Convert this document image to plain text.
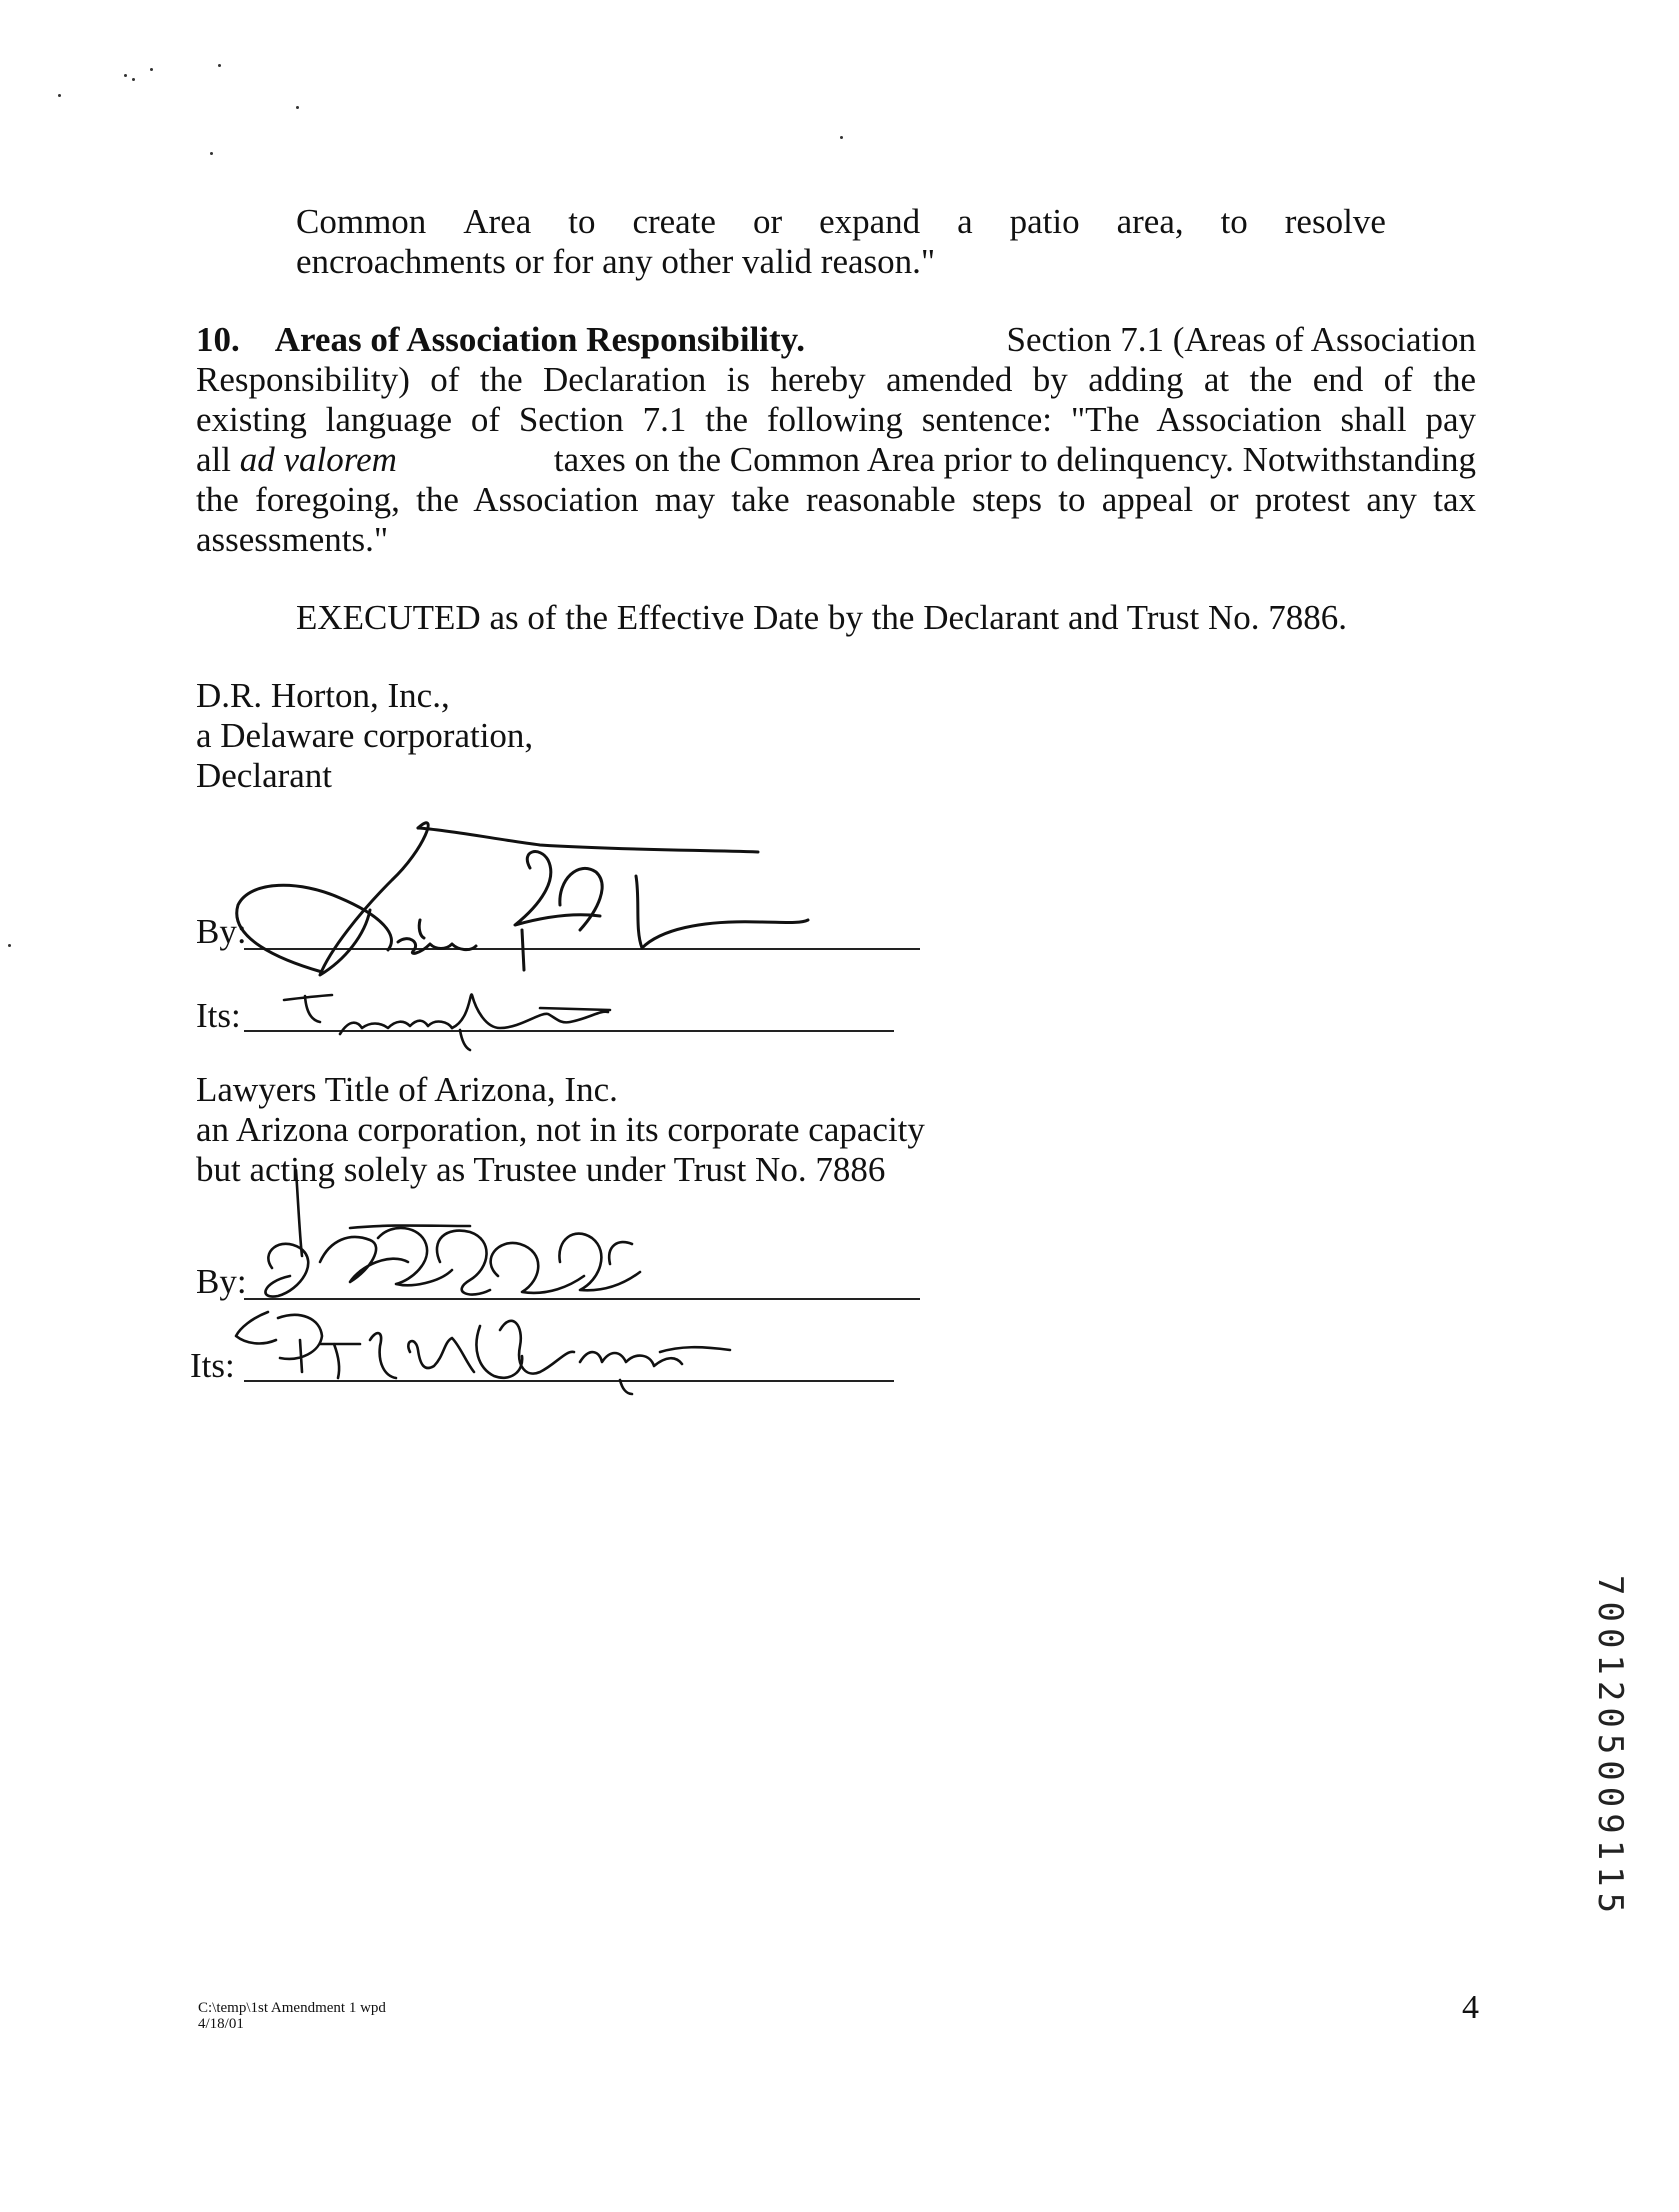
Common Area to create or expand a patio area, to resolve
encroachments or for any other valid reason."
10. Areas of Association Responsibility.	Section 7.1 (Areas of Association
Responsibility) of the Declaration is hereby amended by adding at the end of the
existing language of Section 7.1 the following sentence: "The Association shall pay
all ad valorem	taxes on the Common Area prior to delinquency. Notwithstanding
the foregoing, the Association may take reasonable steps to appeal or protest any tax
assessments."
EXECUTED as of the Effective Date by the Declarant and Trust No. 7886.
D.R. Horton, Inc.,
a Delaware corporation,
Declarant
By:
Its:
Lawyers Title of Arizona, Inc.
an Arizona corporation, not in its corporate capacity
but acting solely as Trustee under Trust No. 7886
By:
Its:
7001205009115
C:\temp\1st Amendment 1 wpd
4/18/01	4
